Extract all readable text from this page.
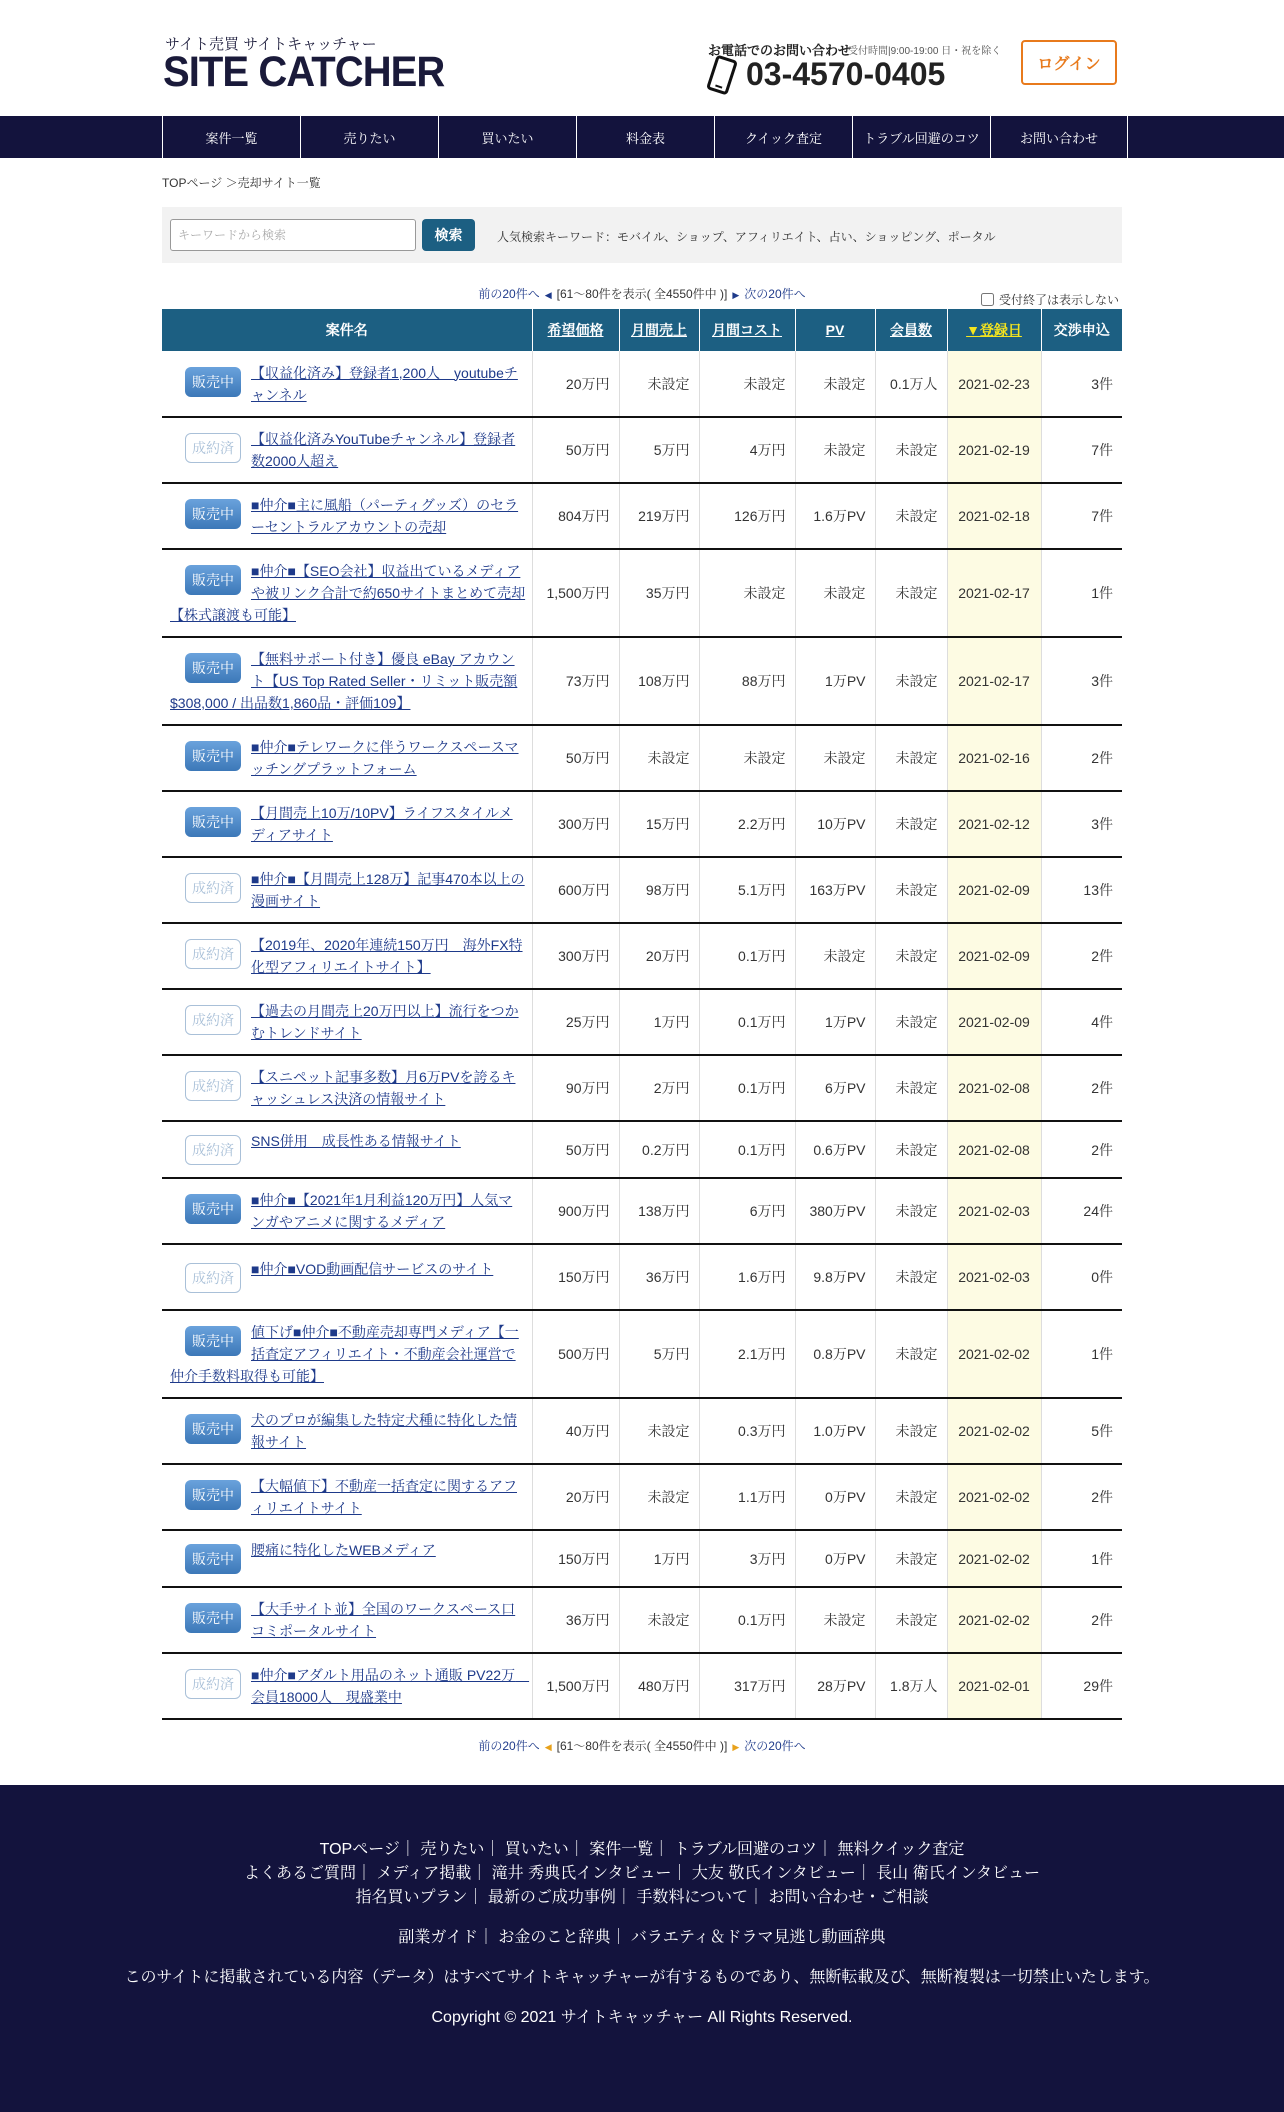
サイト売買 サイトキャッチャー
SITE CATCHER	お電話でのお問い合わせ
受付時間|9:00-19:00 日・祝を除く
03-4570-0405	ログイン
案件一覧	売りたい	買いたい	料金表	クイック査定	トラブル回避のコツ	お問い合わせ
TOPページ ＞売却サイト一覧
キーワードから検索
検索	人気検索キーワード：モバイル、ショップ、アフィリエイト、占い、ショッピング、ポータル
前の20件へ ◀ [61～80件を表示( 全4550件中 )] ▶ 次の20件へ	受付終了は表示しない
案件名	希望価格	月間売上	月間コスト	PV	会員数	▼登録日	交渉申込

販売中
【収益化済み】登録者1,200人　youtubeチャンネル	20万円	未設定	未設定	未設定	0.1万人	2021-02-23	3件

成約済
【収益化済みYouTubeチャンネル】登録者数2000人超え	50万円	5万円	4万円	未設定	未設定	2021-02-19	7件

販売中
■仲介■主に風船（パーティグッズ）のセラーセントラルアカウントの売却	804万円	219万円	126万円	1.6万PV	未設定	2021-02-18	7件

販売中
■仲介■【SEO会社】収益出ているメディアや被リンク合計で約650サイトまとめて売却【株式譲渡も可能】	1,500万円	35万円	未設定	未設定	未設定	2021-02-17	1件

販売中
【無料サポート付き】優良 eBay アカウント【US Top Rated Seller・リミット販売額$308,000 / 出品数1,860品・評価109】	73万円	108万円	88万円	1万PV	未設定	2021-02-17	3件

販売中
■仲介■テレワークに伴うワークスペースマッチングプラットフォーム	50万円	未設定	未設定	未設定	未設定	2021-02-16	2件

販売中
【月間売上10万/10PV】ライフスタイルメディアサイト	300万円	15万円	2.2万円	10万PV	未設定	2021-02-12	3件

成約済
■仲介■【月間売上128万】記事470本以上の漫画サイト	600万円	98万円	5.1万円	163万PV	未設定	2021-02-09	13件

成約済
【2019年、2020年連続150万円　海外FX特化型アフィリエイトサイト】	300万円	20万円	0.1万円	未設定	未設定	2021-02-09	2件

成約済
【過去の月間売上20万円以上】流行をつかむトレンドサイト	25万円	1万円	0.1万円	1万PV	未設定	2021-02-09	4件

成約済
【スニペット記事多数】月6万PVを誇るキャッシュレス決済の情報サイト	90万円	2万円	0.1万円	6万PV	未設定	2021-02-08	2件

成約済
SNS併用　成長性ある情報サイト	50万円	0.2万円	0.1万円	0.6万PV	未設定	2021-02-08	2件

販売中
■仲介■【2021年1月利益120万円】人気マンガやアニメに関するメディア	900万円	138万円	6万円	380万PV	未設定	2021-02-03	24件

成約済
■仲介■VOD動画配信サービスのサイト	150万円	36万円	1.6万円	9.8万PV	未設定	2021-02-03	0件

販売中
値下げ■仲介■不動産売却専門メディア【一括査定アフィリエイト・不動産会社運営で仲介手数料取得も可能】	500万円	5万円	2.1万円	0.8万PV	未設定	2021-02-02	1件

販売中
犬のプロが編集した特定犬種に特化した情報サイト	40万円	未設定	0.3万円	1.0万PV	未設定	2021-02-02	5件

販売中
【大幅値下】不動産一括査定に関するアフィリエイトサイト	20万円	未設定	1.1万円	0万PV	未設定	2021-02-02	2件

販売中
腰痛に特化したWEBメディア	150万円	1万円	3万円	0万PV	未設定	2021-02-02	1件

販売中
【大手サイト並】全国のワークスペース口コミポータルサイト	36万円	未設定	0.1万円	未設定	未設定	2021-02-02	2件

成約済
■仲介■アダルト用品のネット通販 PV22万　会員18000人　現盛業中	1,500万円	480万円	317万円	28万PV	1.8万人	2021-02-01	29件
前の20件へ ◀ [61～80件を表示( 全4550件中 )] ▶ 次の20件へ
TOPページ｜ 売りたい｜ 買いたい｜ 案件一覧｜ トラブル回避のコツ｜ 無料クイック査定
よくあるご質問｜ メディア掲載｜ 滝井 秀典氏インタビュー｜ 大友 敬氏インタビュー｜ 長山 衛氏インタビュー
指名買いプラン｜ 最新のご成功事例｜ 手数料について｜ お問い合わせ・ご相談
副業ガイド｜ お金のこと辞典｜ バラエティ＆ドラマ見逃し動画辞典
このサイトに掲載されている内容（データ）はすべてサイトキャッチャーが有するものであり、無断転載及び、無断複製は一切禁止いたします。
Copyright © 2021 サイトキャッチャー All Rights Reserved.
